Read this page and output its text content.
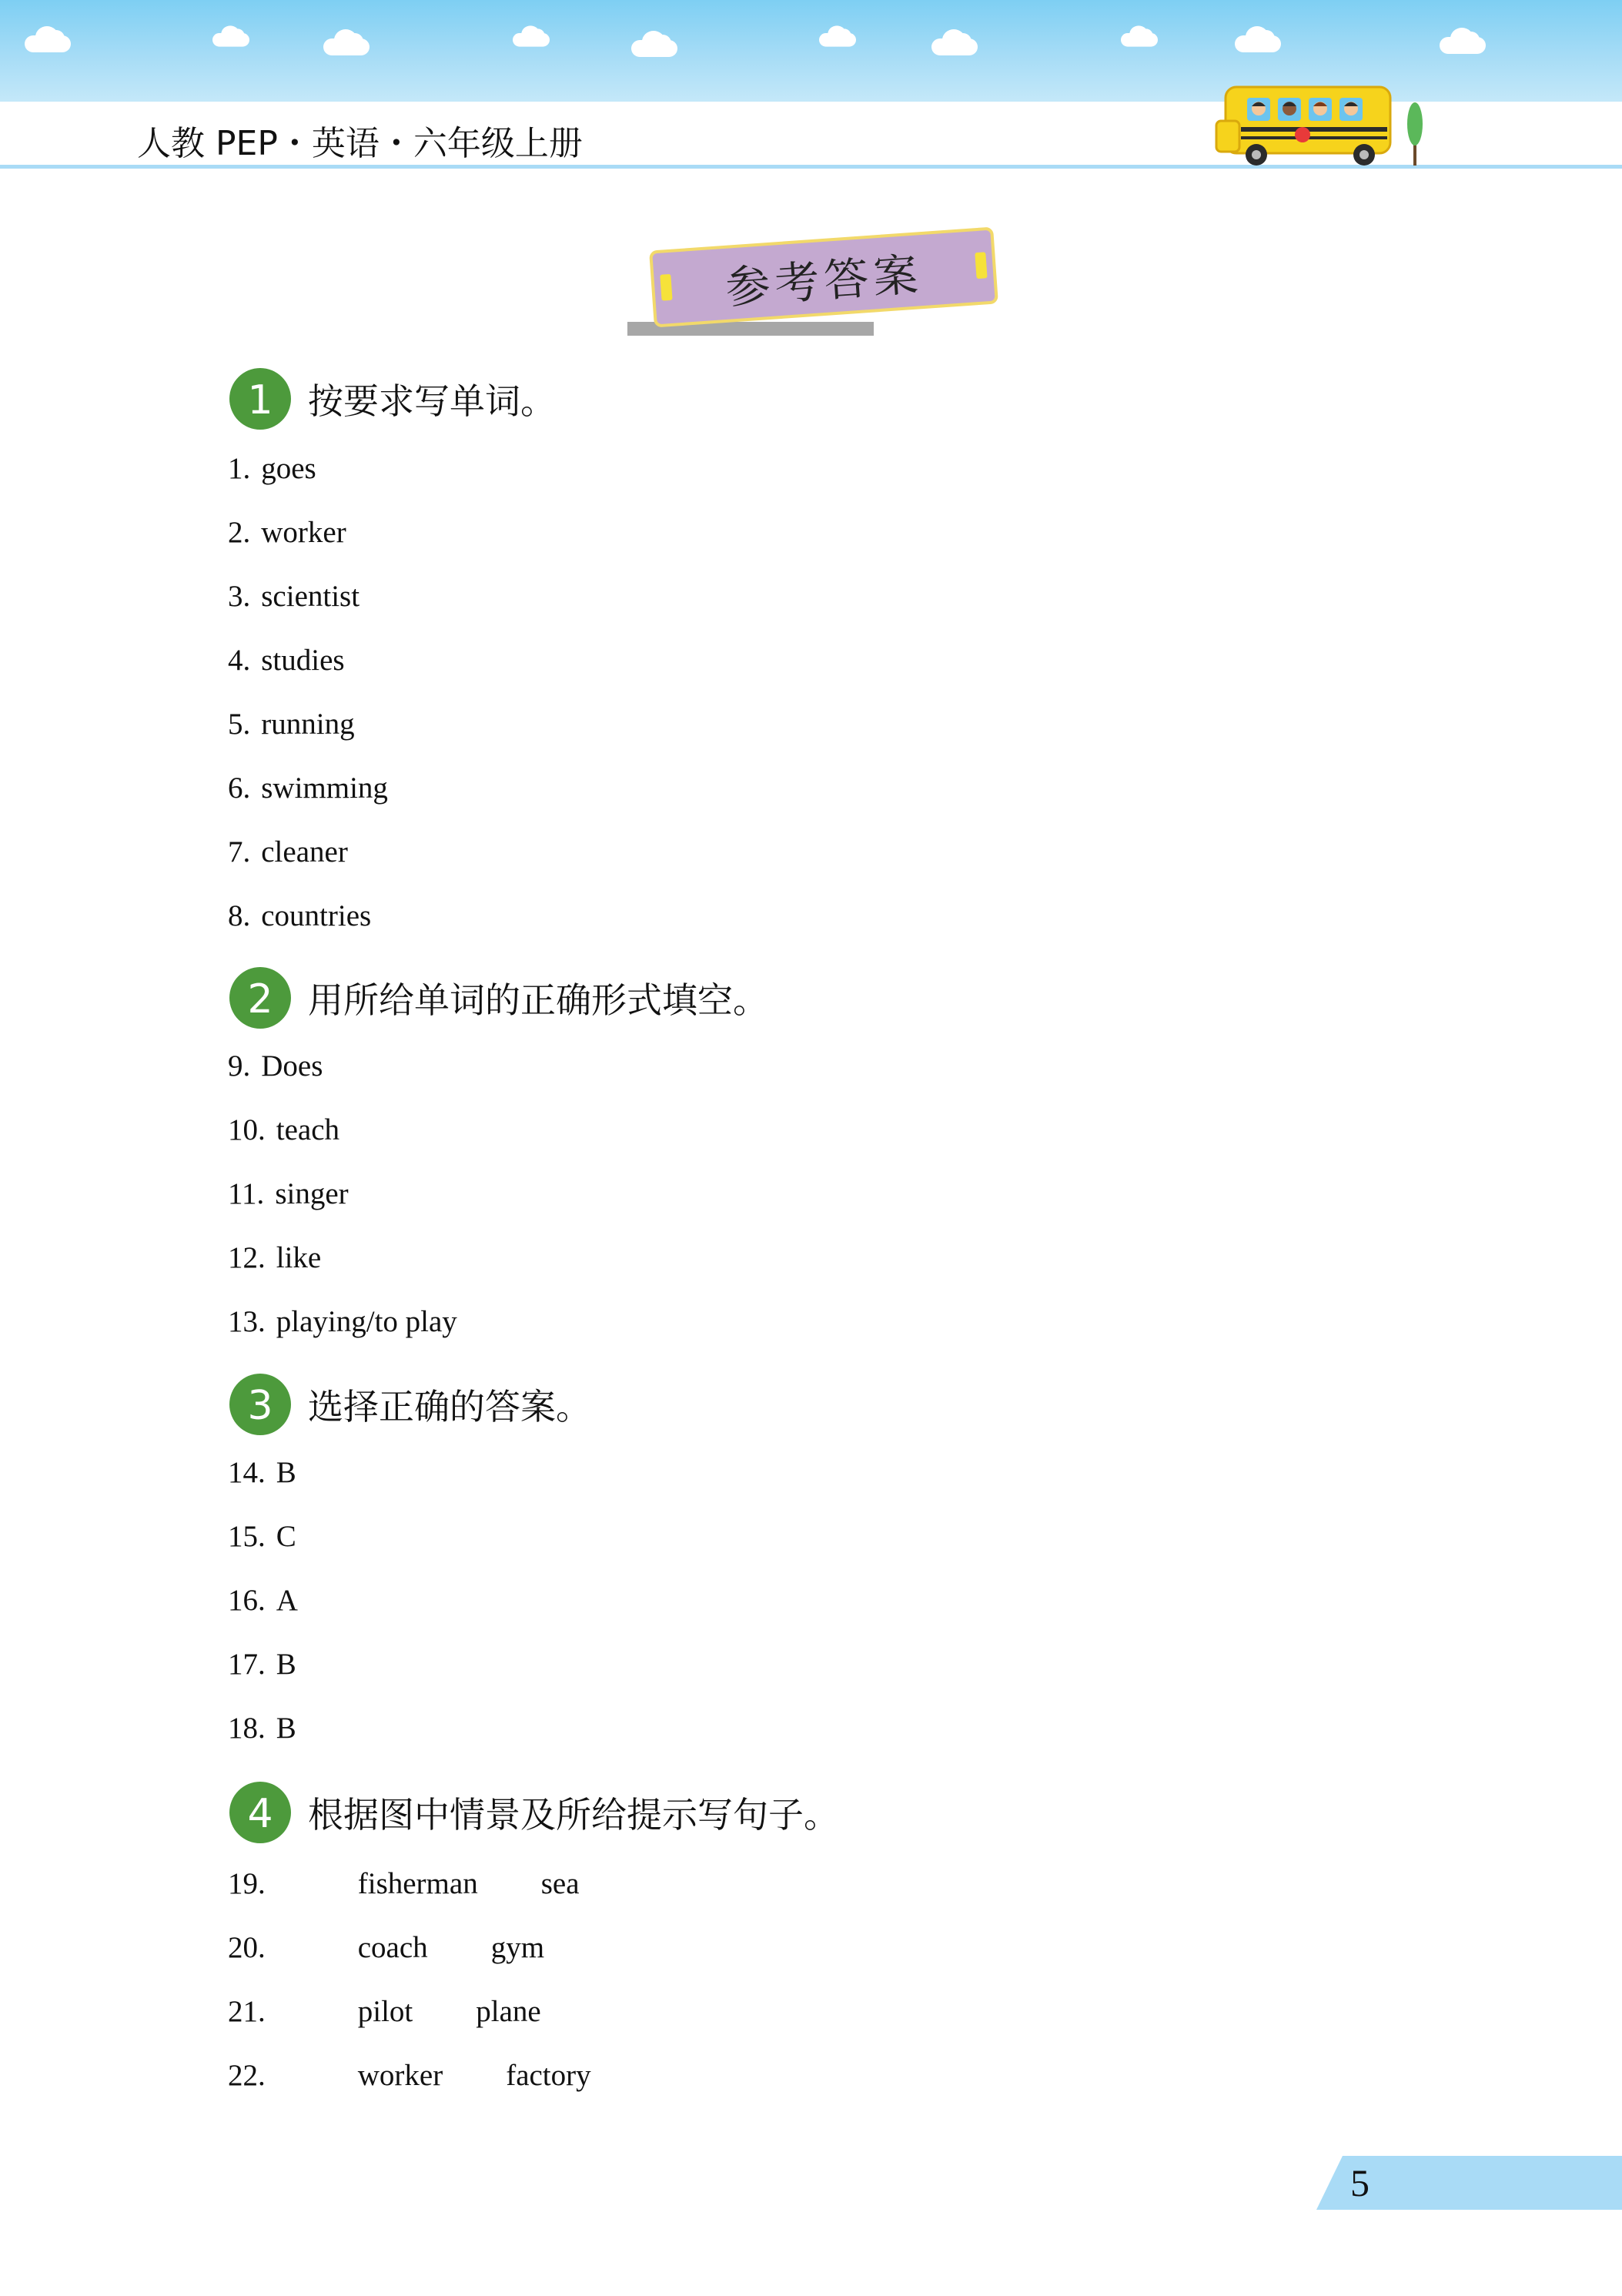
人教 PEP・英语・六年级上册
参考答案
1 按要求写单词。
1. goes
2. worker
3. scientist
4. studies
5. running
6. swimming
7. cleaner
8. countries
2 用所给单词的正确形式填空。
9. Does
10. teach
11. singer
12. like
13. playing/to play
3 选择正确的答案。
14. B
15. C
16. A
17. B
18. B
4 根据图中情景及所给提示写句子。
19.	fisherman sea
20.	coach gym
21.	pilot plane
22.	worker factory
5
